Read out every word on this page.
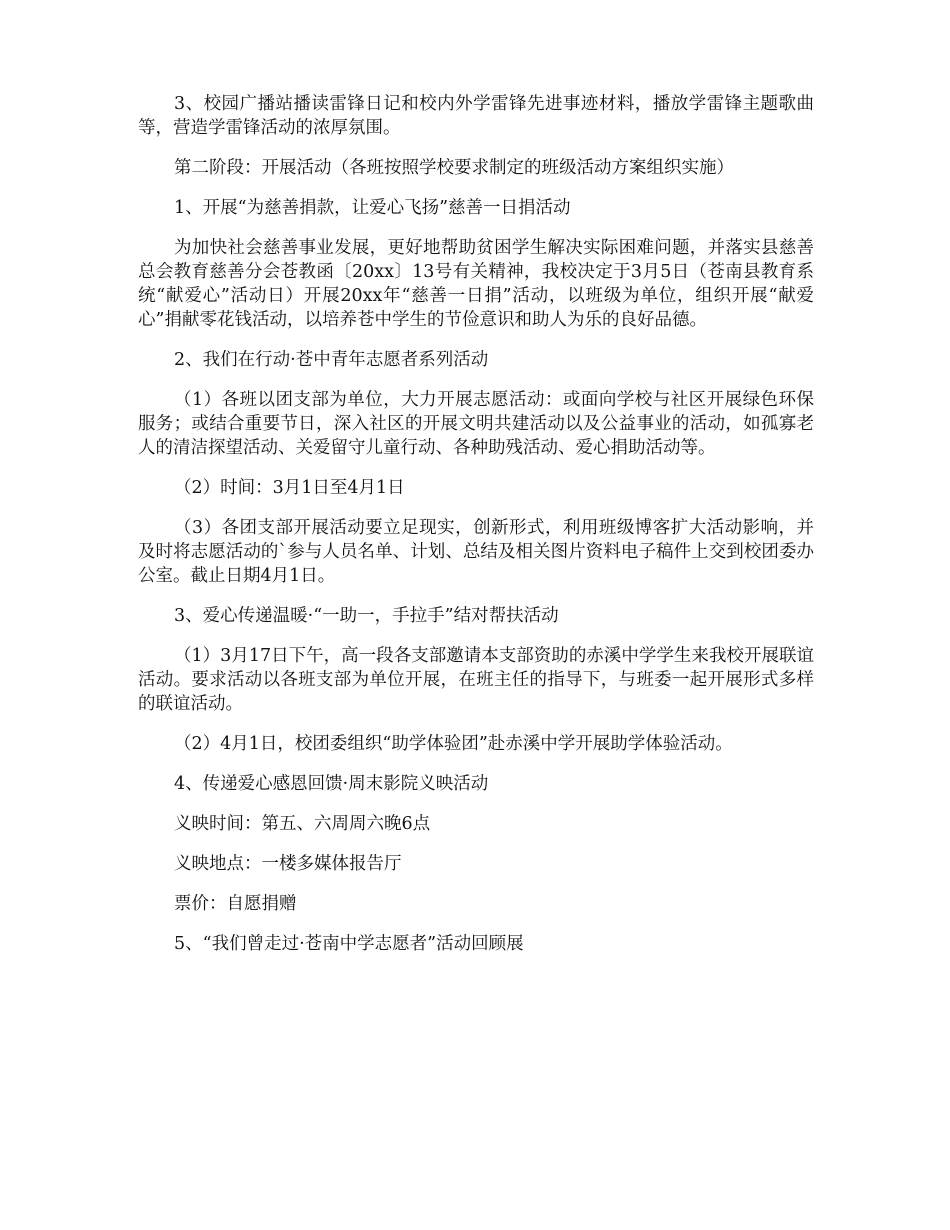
3、校园广播站播读雷锋日记和校内外学雷锋先进事迹材料，播放学雷锋主题歌曲等，营造学雷锋活动的浓厚氛围。

第二阶段：开展活动（各班按照学校要求制定的班级活动方案组织实施）

1、开展“为慈善捐款，让爱心飞扬”慈善一日捐活动

为加快社会慈善事业发展，更好地帮助贫困学生解决实际困难问题，并落实县慈善总会教育慈善分会苍教函〔20xx〕13号有关精神，我校决定于3月5日（苍南县教育系统“献爱心”活动日）开展20xx年“慈善一日捐”活动，以班级为单位，组织开展“献爱心”捐献零花钱活动，以培养苍中学生的节俭意识和助人为乐的良好品德。

2、我们在行动·苍中青年志愿者系列活动

（1）各班以团支部为单位，大力开展志愿活动：或面向学校与社区开展绿色环保服务；或结合重要节日，深入社区的开展文明共建活动以及公益事业的活动，如孤寡老人的清洁探望活动、关爱留守儿童行动、各种助残活动、爱心捐助活动等。

（2）时间：3月1日至4月1日

（3）各团支部开展活动要立足现实，创新形式，利用班级博客扩大活动影响，并及时将志愿活动的`参与人员名单、计划、总结及相关图片资料电子稿件上交到校团委办公室。截止日期4月1日。

3、爱心传递温暖·“一助一，手拉手”结对帮扶活动

（1）3月17日下午，高一段各支部邀请本支部资助的赤溪中学学生来我校开展联谊活动。要求活动以各班支部为单位开展，在班主任的指导下，与班委一起开展形式多样的联谊活动。

（2）4月1日，校团委组织“助学体验团”赴赤溪中学开展助学体验活动。

4、传递爱心感恩回馈·周末影院义映活动

义映时间：第五、六周周六晚6点

义映地点：一楼多媒体报告厅

票价：自愿捐赠

5、“我们曾走过·苍南中学志愿者”活动回顾展
